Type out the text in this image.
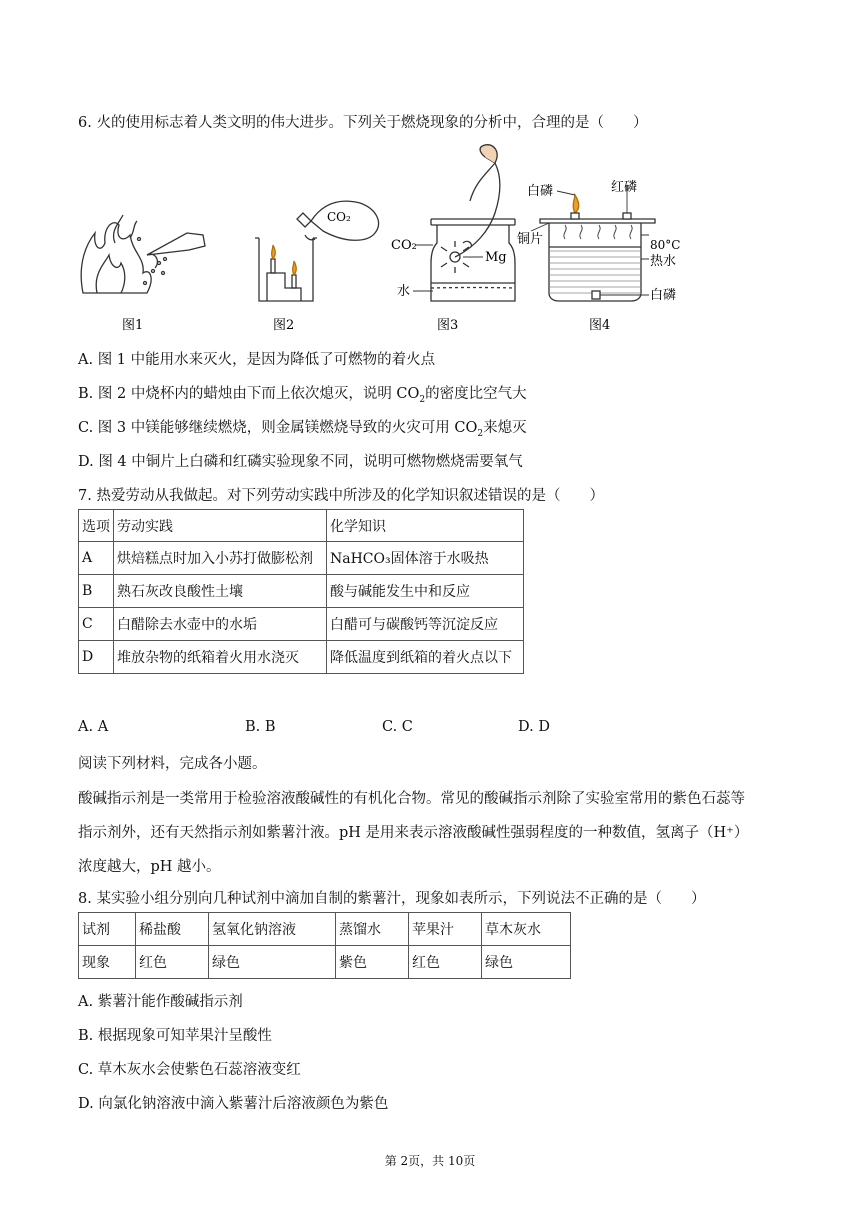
6. 火的使用标志着人类文明的伟大进步。下列关于燃烧现象的分析中，合理的是（　　）
CO₂
CO₂
Mg
水
白磷	红磷
铜片	80°C
热水
白磷
图1	图2	图3	图4
A. 图 1 中能用水来灭火，是因为降低了可燃物的着火点
B. 图 2 中烧杯内的蜡烛由下而上依次熄灭，说明 $CO_2$的密度比空气大
C. 图 3 中镁能够继续燃烧，则金属镁燃烧导致的火灾可用 $CO_2$来熄灭
D. 图 4 中铜片上白磷和红磷实验现象不同，说明可燃物燃烧需要氧气
7. 热爱劳动从我做起。对下列劳动实践中所涉及的化学知识叙述错误的是（　　）
选项	劳动实践	化学知识
A	烘焙糕点时加入小苏打做膨松剂	NaHCO₃固体溶于水吸热
B	熟石灰改良酸性土壤	酸与碱能发生中和反应
C	白醋除去水壶中的水垢	白醋可与碳酸钙等沉淀反应
D	堆放杂物的纸箱着火用水浇灭	降低温度到纸箱的着火点以下
A. A	B. B	C. C	D. D
阅读下列材料，完成各小题。
酸碱指示剂是一类常用于检验溶液酸碱性的有机化合物。常见的酸碱指示剂除了实验室常用的紫色石蕊等
指示剂外，还有天然指示剂如紫薯汁液。pH 是用来表示溶液酸碱性强弱程度的一种数值，氢离子（H⁺）
浓度越大，pH 越小。
8. 某实验小组分别向几种试剂中滴加自制的紫薯汁，现象如表所示，下列说法不正确的是（　　）
试剂	稀盐酸	氢氧化钠溶液	蒸馏水	苹果汁	草木灰水
现象	红色	绿色	紫色	红色	绿色
A. 紫薯汁能作酸碱指示剂
B. 根据现象可知苹果汁呈酸性
C. 草木灰水会使紫色石蕊溶液变红
D. 向氯化钠溶液中滴入紫薯汁后溶液颜色为紫色
第 2页，共 10页
